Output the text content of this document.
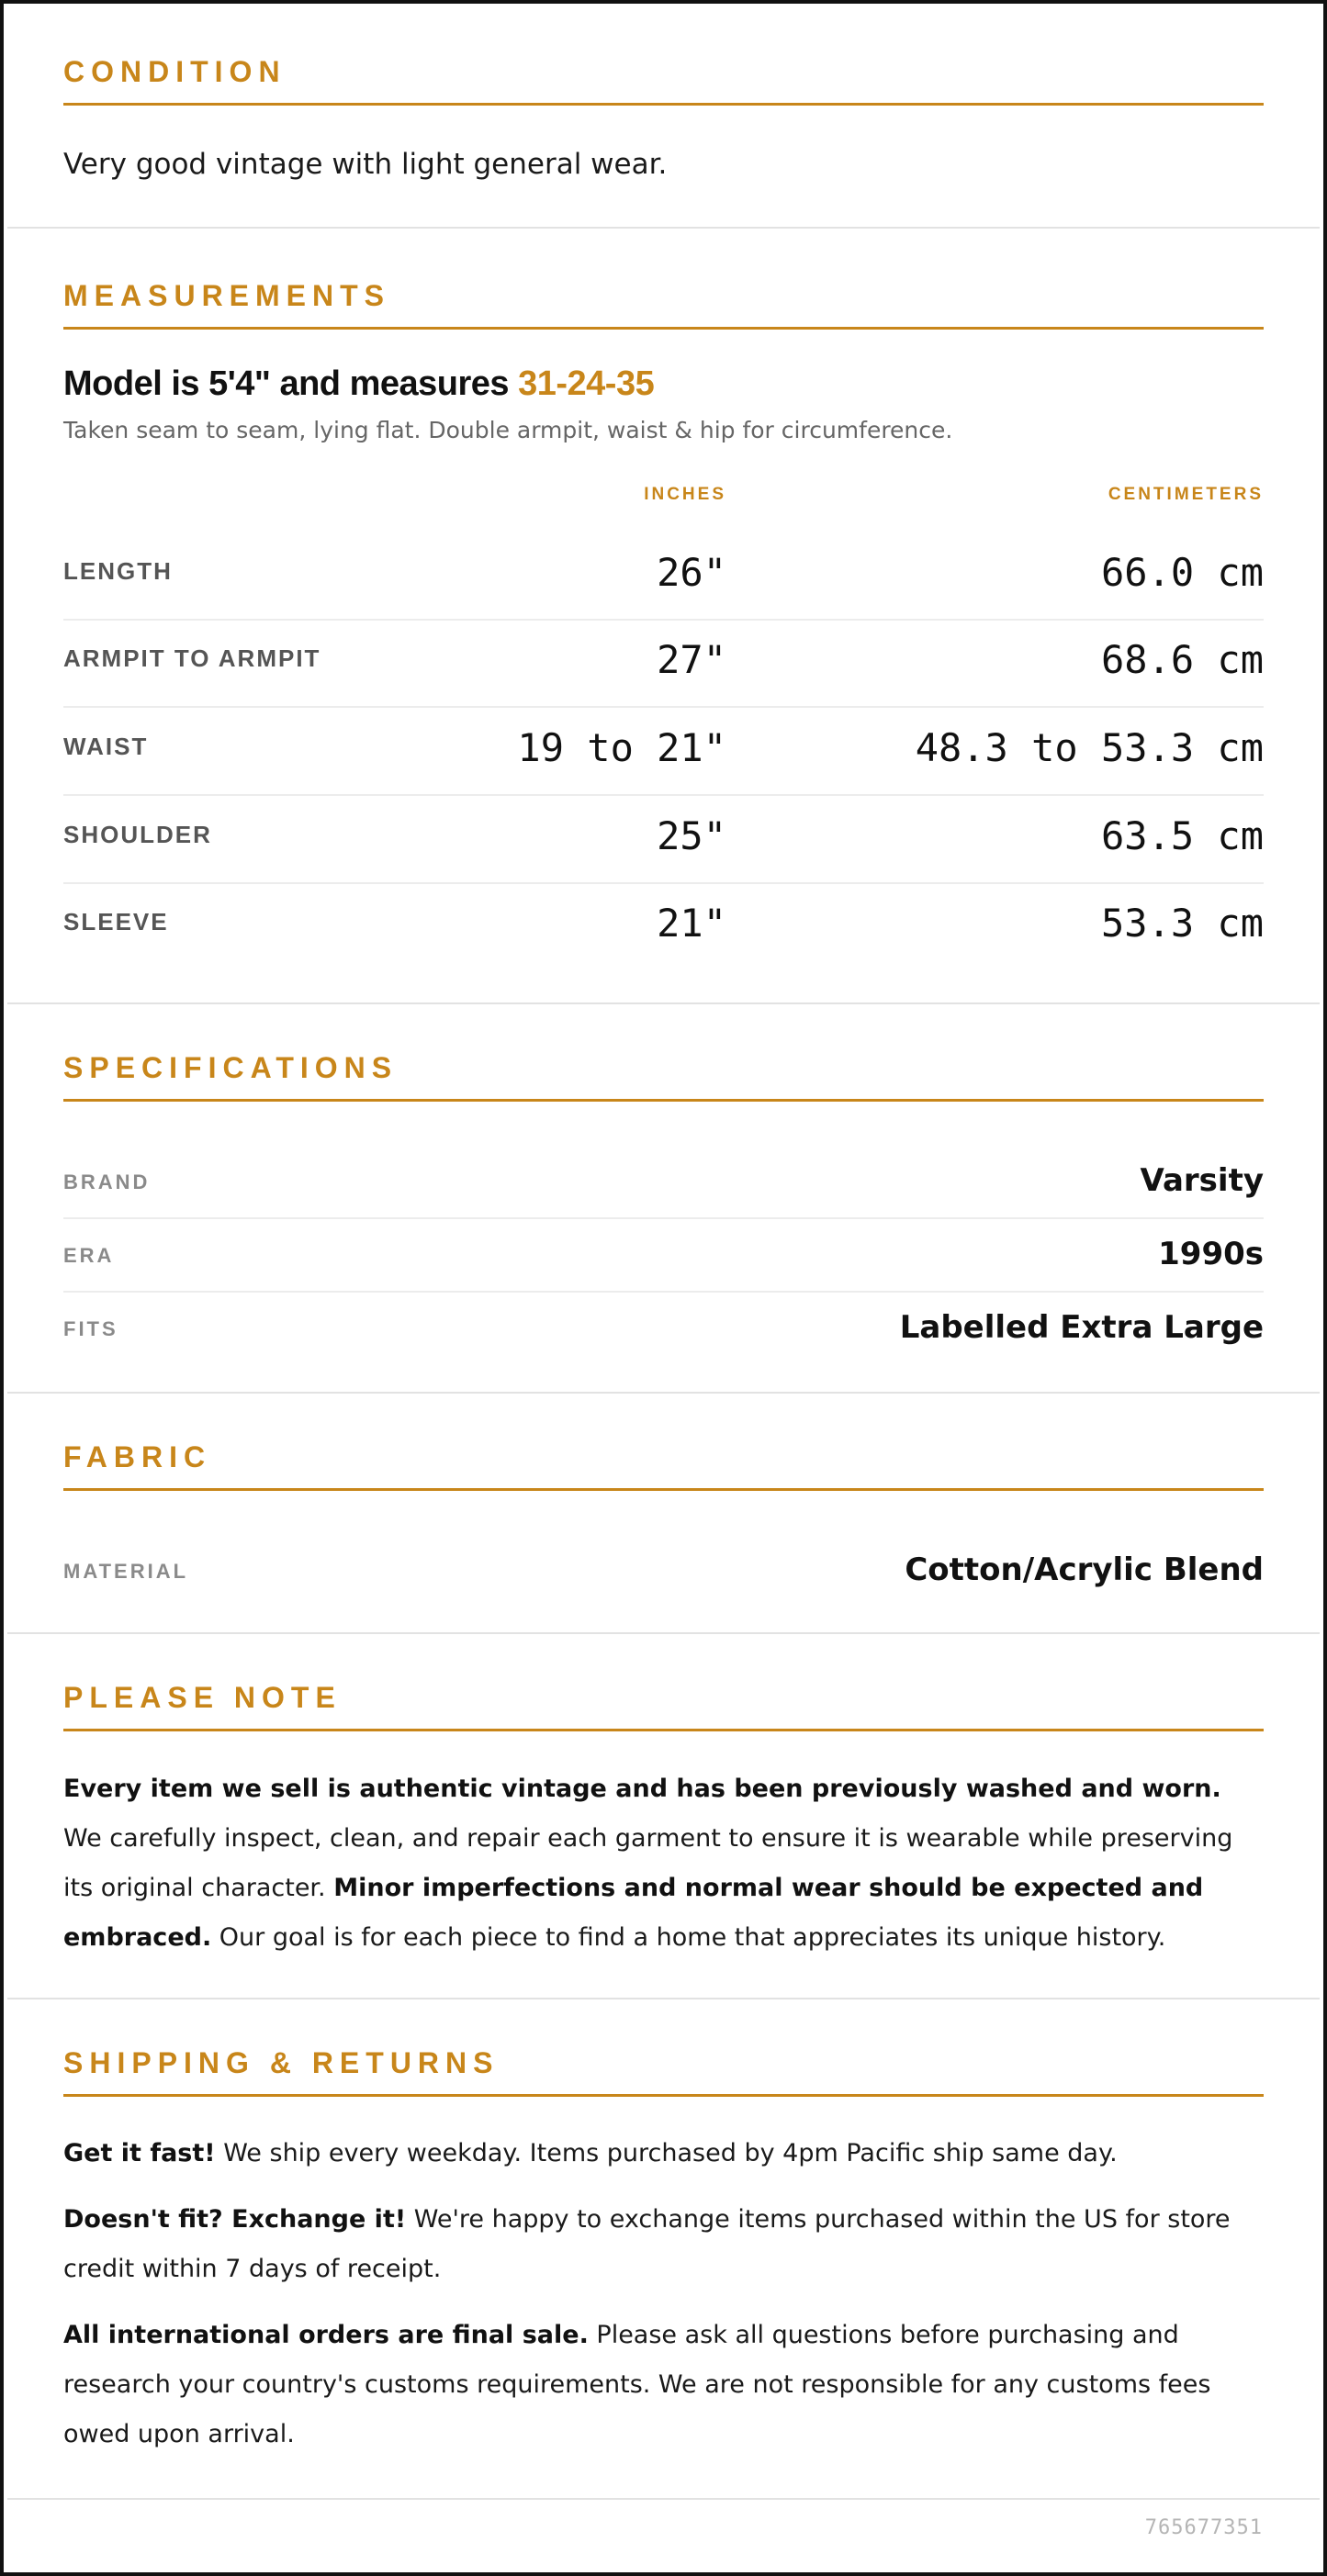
CONDITION
Very good vintage with light general wear.
MEASUREMENTS
Model is 5'4" and measures 31-24-35
Taken seam to seam, lying flat. Double armpit, waist & hip for circumference.
INCHES	CENTIMETERS
LENGTH	26"	66.0 cm
ARMPIT TO ARMPIT	27"	68.6 cm
WAIST	19 to 21"	48.3 to 53.3 cm
SHOULDER	25"	63.5 cm
SLEEVE	21"	53.3 cm
SPECIFICATIONS
BRAND	Varsity
ERA	1990s
FITS	Labelled Extra Large
FABRIC
MATERIAL	Cotton/Acrylic Blend
PLEASE NOTE
Every item we sell is authentic vintage and has been previously washed and worn. We carefully inspect, clean, and repair each garment to ensure it is wearable while preserving its original character. Minor imperfections and normal wear should be expected and embraced. Our goal is for each piece to find a home that appreciates its unique history.
SHIPPING & RETURNS
Get it fast! We ship every weekday. Items purchased by 4pm Pacific ship same day.
Doesn't fit? Exchange it! We're happy to exchange items purchased within the US for store credit within 7 days of receipt.
All international orders are final sale. Please ask all questions before purchasing and research your country's customs requirements. We are not responsible for any customs fees owed upon arrival.
765677351
